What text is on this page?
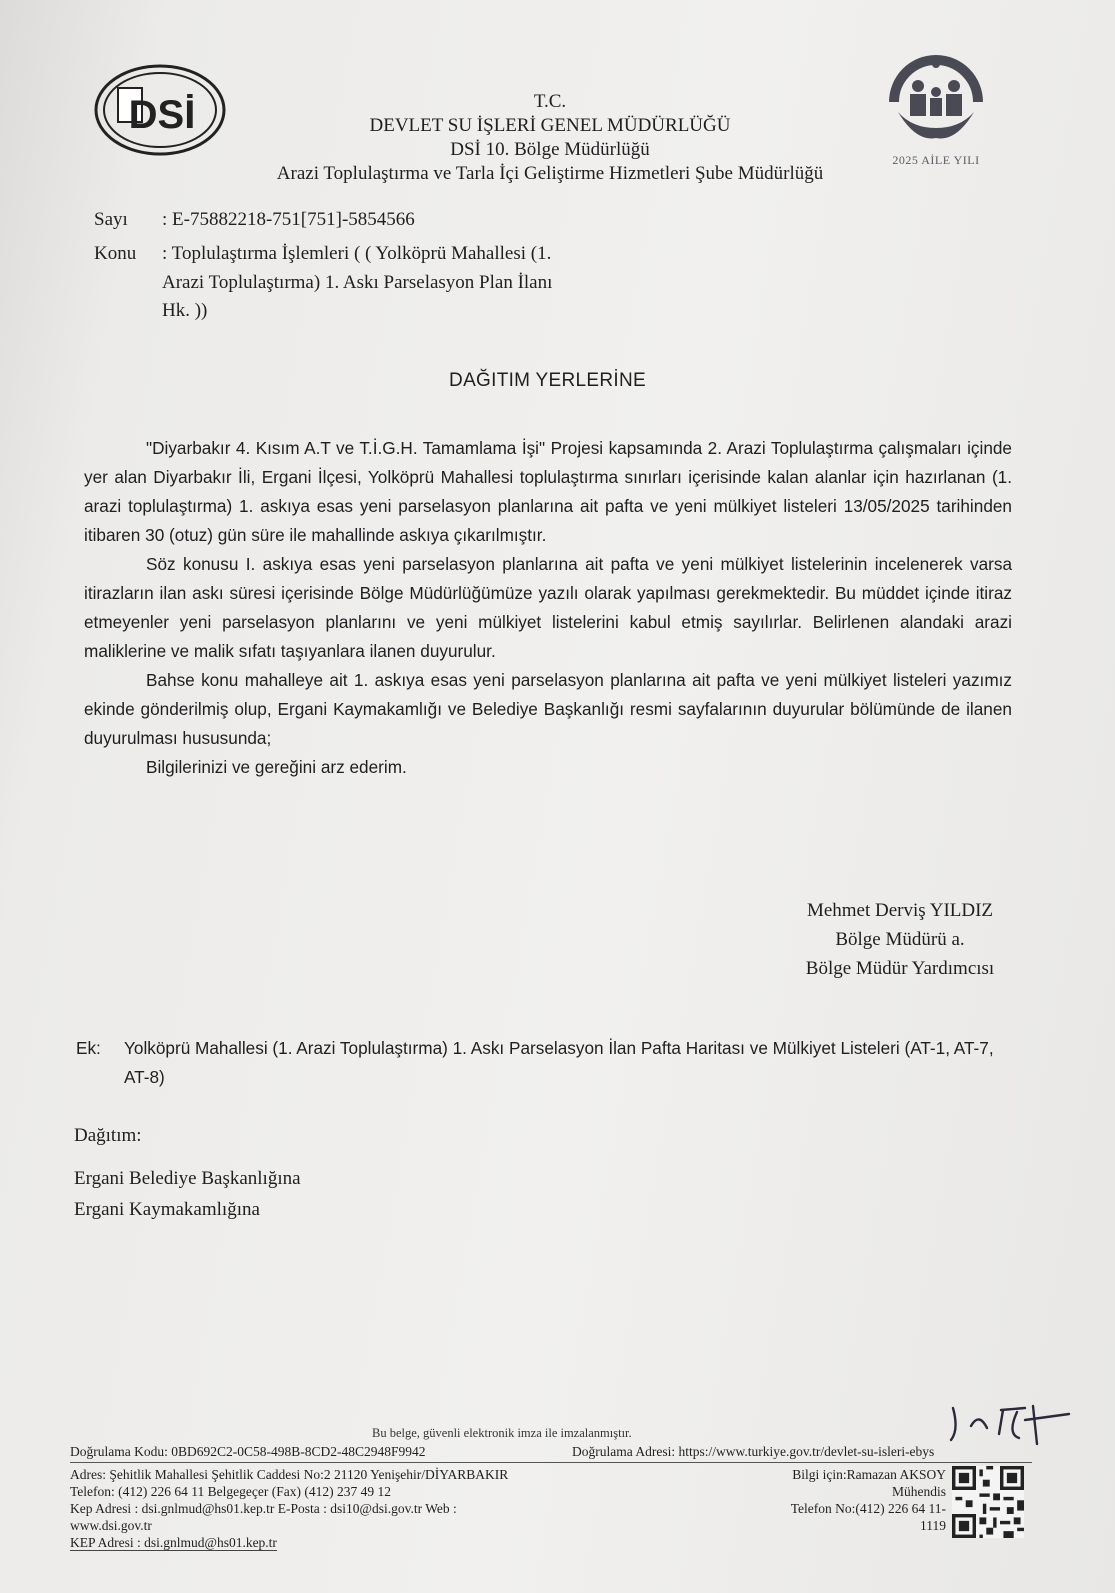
DSİ
2025 AİLE YILI
T.C.
DEVLET SU İŞLERİ GENEL MÜDÜRLÜĞÜ
DSİ 10. Bölge Müdürlüğü
Arazi Toplulaştırma ve Tarla İçi Geliştirme Hizmetleri Şube Müdürlüğü
Sayı : E-75882218-751[751]-5854566
Konu : Toplulaştırma İşlemleri ( ( Yolköprü Mahallesi (1. Arazi Toplulaştırma) 1. Askı Parselasyon Plan İlanı Hk. ))
DAĞITIM YERLERİNE

"Diyarbakır 4. Kısım A.T ve T.İ.G.H. Tamamlama İşi" Projesi kapsamında 2. Arazi Toplulaştırma çalışmaları içinde yer alan Diyarbakır İli, Ergani İlçesi, Yolköprü Mahallesi toplulaştırma sınırları içerisinde kalan alanlar için hazırlanan (1. arazi toplulaştırma) 1. askıya esas yeni parselasyon planlarına ait pafta ve yeni mülkiyet listeleri 13/05/2025 tarihinden itibaren 30 (otuz) gün süre ile mahallinde askıya çıkarılmıştır.

Söz konusu I. askıya esas yeni parselasyon planlarına ait pafta ve yeni mülkiyet listelerinin incelenerek varsa itirazların ilan askı süresi içerisinde Bölge Müdürlüğümüze yazılı olarak yapılması gerekmektedir. Bu müddet içinde itiraz etmeyenler yeni parselasyon planlarını ve yeni mülkiyet listelerini kabul etmiş sayılırlar. Belirlenen alandaki arazi maliklerine ve malik sıfatı taşıyanlara ilanen duyurulur.

Bahse konu mahalleye ait 1. askıya esas yeni parselasyon planlarına ait pafta ve yeni mülkiyet listeleri yazımız ekinde gönderilmiş olup, Ergani Kaymakamlığı ve Belediye Başkanlığı resmi sayfalarının duyurular bölümünde de ilanen duyurulması hususunda;

Bilgilerinizi ve gereğini arz ederim.

Mehmet Derviş YILDIZ
Bölge Müdürü a.
Bölge Müdür Yardımcısı
Ek: Yolköprü Mahallesi (1. Arazi Toplulaştırma) 1. Askı Parselasyon İlan Pafta Haritası ve Mülkiyet Listeleri (AT-1, AT-7, AT-8)
Dağıtım:
Ergani Belediye Başkanlığına
Ergani Kaymakamlığına
Bu belge, güvenli elektronik imza ile imzalanmıştır.
Doğrulama Kodu: 0BD692C2-0C58-498B-8CD2-48C2948F9942	Doğrulama Adresi: https://www.turkiye.gov.tr/devlet-su-isleri-ebys
Adres: Şehitlik Mahallesi Şehitlik Caddesi No:2 21120 Yenişehir/DİYARBAKIR
Telefon: (412) 226 64 11 Belgegeçer (Fax) (412) 237 49 12
Kep Adresi : dsi.gnlmud@hs01.kep.tr E-Posta : dsi10@dsi.gov.tr Web :
www.dsi.gov.tr
KEP Adresi : dsi.gnlmud@hs01.kep.tr
Bilgi için:Ramazan AKSOY
Mühendis
Telefon No:(412) 226 64 11-
1119
